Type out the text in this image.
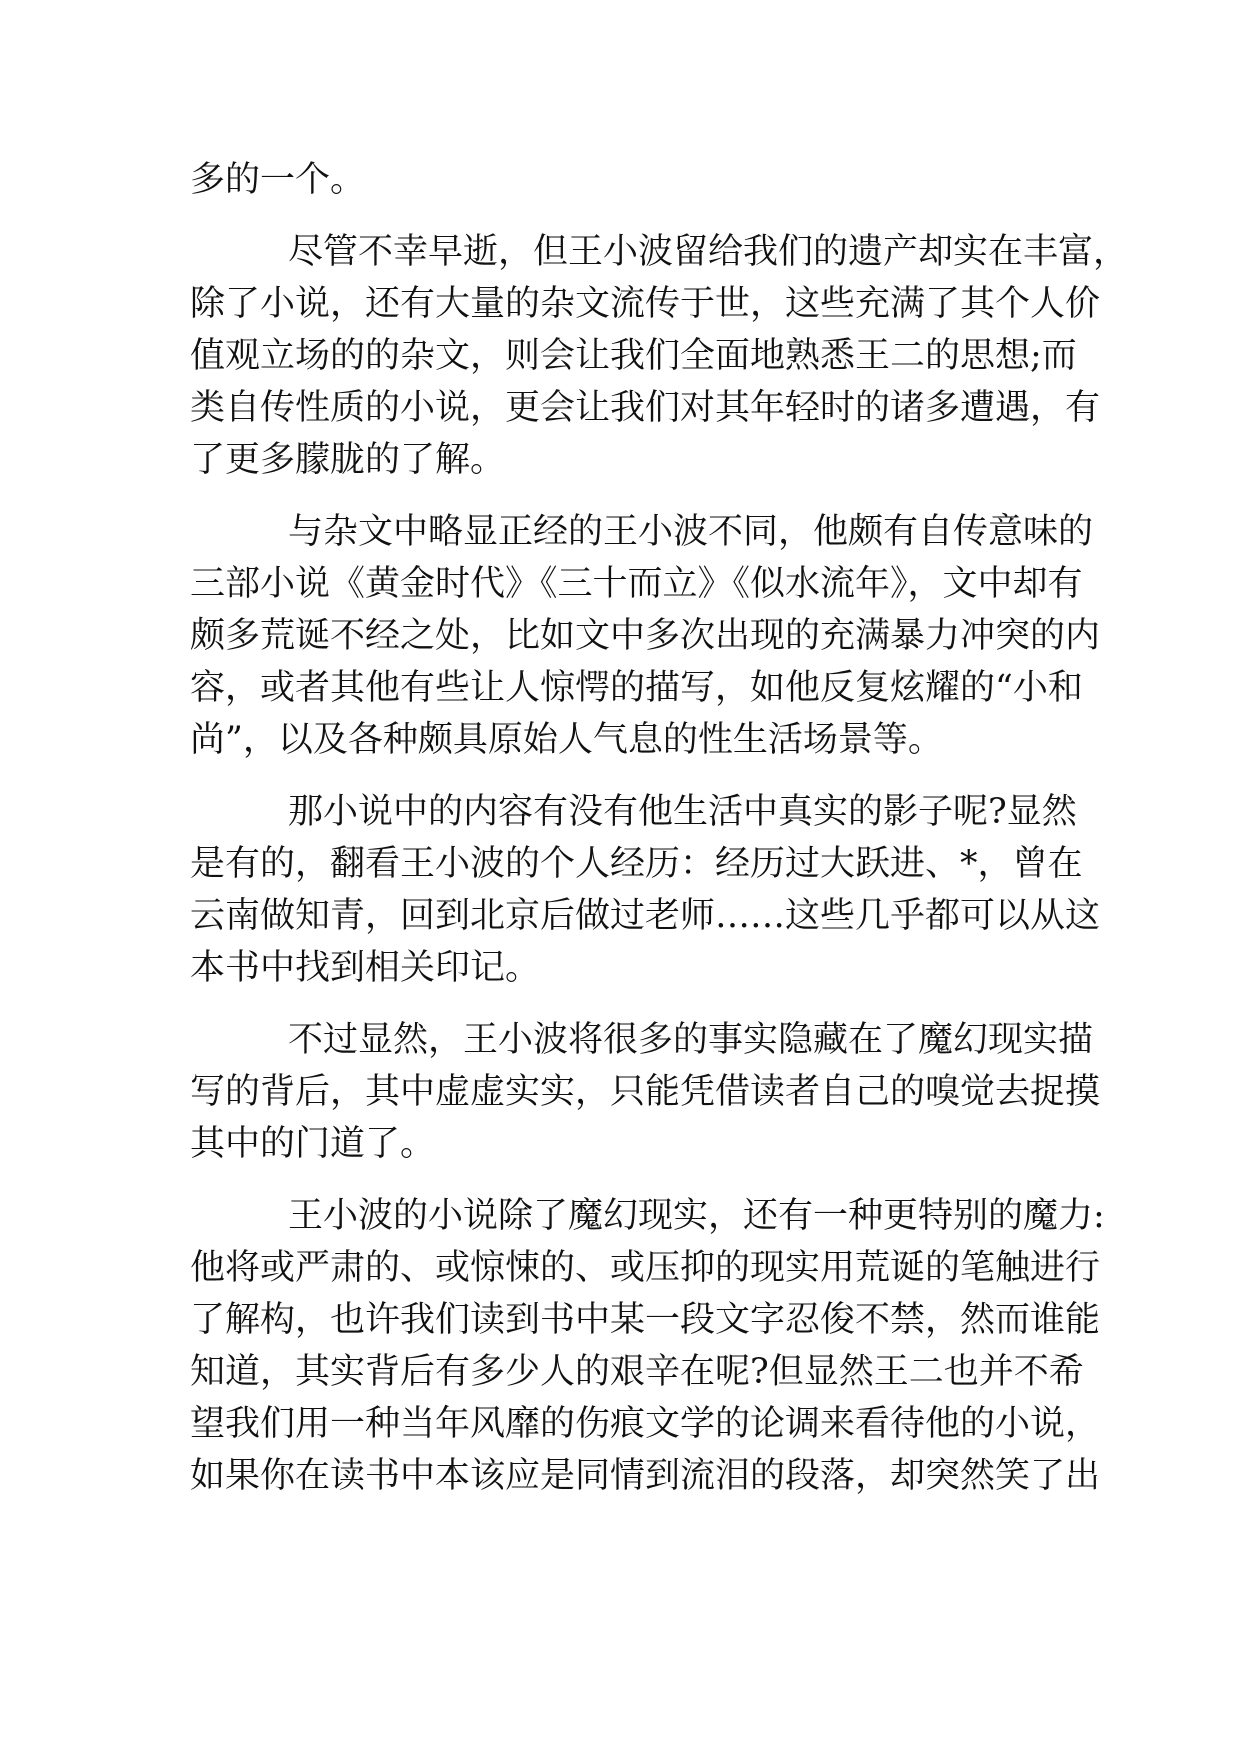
多的一个。
尽管不幸早逝，但王小波留给我们的遗产却实在丰富，
除了小说，还有大量的杂文流传于世，这些充满了其个人价
值观立场的的杂文，则会让我们全面地熟悉王二的思想;而
类自传性质的小说，更会让我们对其年轻时的诸多遭遇，有
了更多朦胧的了解。
与杂文中略显正经的王小波不同，他颇有自传意味的
三部小说《黄金时代》《三十而立》《似水流年》，文中却有
颇多荒诞不经之处，比如文中多次出现的充满暴力冲突的内
容，或者其他有些让人惊愕的描写，如他反复炫耀的“小和
尚”，以及各种颇具原始人气息的性生活场景等。
那小说中的内容有没有他生活中真实的影子呢?显然
是有的，翻看王小波的个人经历：经历过大跃进、*，曾在
云南做知青，回到北京后做过老师……这些几乎都可以从这
本书中找到相关印记。
不过显然，王小波将很多的事实隐藏在了魔幻现实描
写的背后，其中虚虚实实，只能凭借读者自己的嗅觉去捉摸
其中的门道了。
王小波的小说除了魔幻现实，还有一种更特别的魔力:
他将或严肃的、或惊悚的、或压抑的现实用荒诞的笔触进行
了解构，也许我们读到书中某一段文字忍俊不禁，然而谁能
知道，其实背后有多少人的艰辛在呢?但显然王二也并不希
望我们用一种当年风靡的伤痕文学的论调来看待他的小说，
如果你在读书中本该应是同情到流泪的段落，却突然笑了出
